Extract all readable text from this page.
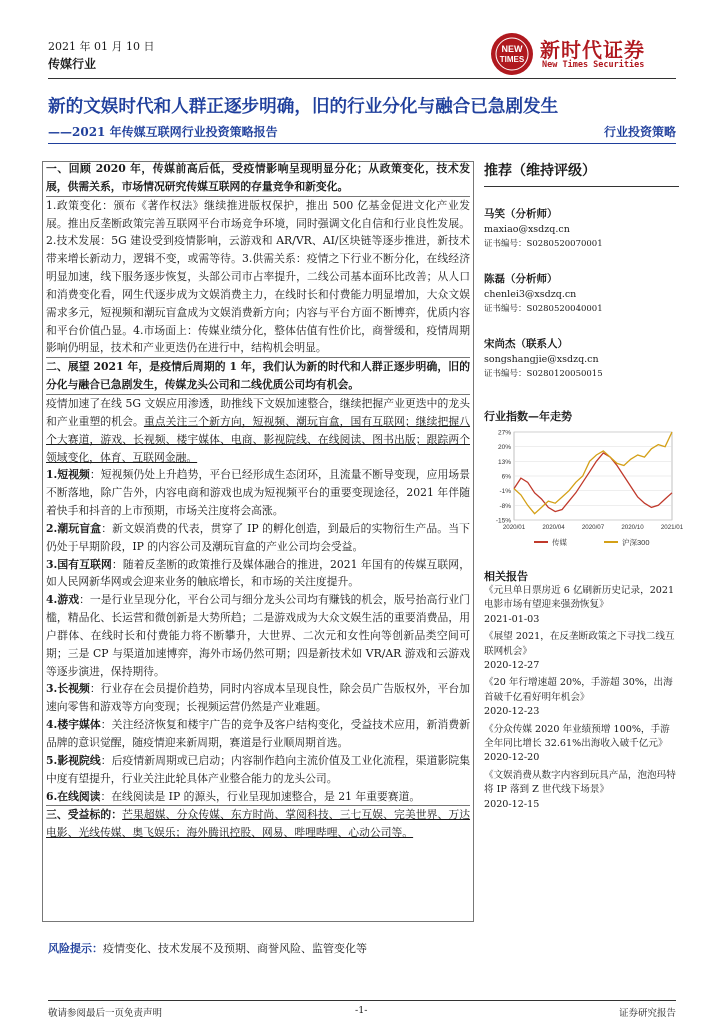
2021 年 01 月 10 日
传媒行业
NEW
TIMES 新时代证券
New Times Securities
新的文娱时代和人群正逐步明确，旧的行业分化与融合已急剧发生
——2021 年传媒互联网行业投资策略报告	行业投资策略

一、回顾 2020 年，传媒前高后低，受疫情影响呈现明显分化；从政策变化，技术发展，供需关系，市场情况研究传媒互联网的存量竞争和新变化。

1.政策变化：颁布《著作权法》继续推进版权保护，推出 500 亿基金促进文化产业发展。推出反垄断政策完善互联网平台市场竞争环境，同时强调文化自信和行业良性发展。2.技术发展：5G 建设受到疫情影响，云游戏和 AR/VR、AI/区块链等逐步推进，新技术带来增长新动力，逻辑不变，或需等待。3.供需关系：疫情之下行业不断分化，在线经济明显加速，线下服务逐步恢复，头部公司市占率提升，二线公司基本面环比改善；从人口和消费变化看，网生代逐步成为文娱消费主力，在线时长和付费能力明显增加，大众文娱需求多元，短视频和潮玩盲盒成为文娱消费新方向；内容与平台方面不断博弈，优质内容和平台价值凸显。4.市场面上：传媒业绩分化，整体估值有性价比，商誉缓和，疫情周期影响仍明显，技术和产业更迭仍在进行中，结构机会明显。

二、展望 2021 年，是疫情后周期的 1 年，我们认为新的时代和人群正逐步明确，旧的分化与融合已急剧发生，传媒龙头公司和二线优质公司均有机会。

疫情加速了在线 5G 文娱应用渗透，助推线下文娱加速整合，继续把握产业更迭中的龙头和产业重塑的机会。重点关注三个新方向，短视频、潮玩盲盒，国有互联网；继续把握八个大赛道，游戏、长视频、楼宇媒体、电商、影视院线、在线阅读、图书出版；跟踪两个领域变化，体育、互联网金融。

1.短视频：短视频仍处上升趋势，平台已经形成生态闭环，且流量不断导变现，应用场景不断落地，除广告外，内容电商和游戏也成为短视频平台的重要变现途径，2021 年伴随着快手和抖音的上市预期，市场关注度将会高涨。

2.潮玩盲盒：新文娱消费的代表，贯穿了 IP 的孵化创造，到最后的实物衍生产品。当下仍处于早期阶段，IP 的内容公司及潮玩盲盒的产业公司均会受益。

3.国有互联网：随着反垄断的政策推行及媒体融合的推进，2021 年国有的传媒互联网，如人民网新华网或会迎来业务的触底增长，和市场的关注度提升。

4.游戏：一是行业呈现分化，平台公司与细分龙头公司均有赚钱的机会，版号抬高行业门槛，精品化、长运营和微创新是大势所趋；二是游戏成为大众文娱生活的重要消费品，用户群体、在线时长和付费能力将不断攀升，大世界、二次元和女性向等创新品类空间可期；三是 CP 与渠道加速博弈，海外市场仍然可期；四是新技术如 VR/AR 游戏和云游戏等逐步演进，保持期待。

3.长视频：行业存在会员提价趋势，同时内容成本呈现良性，除会员广告版权外，平台加速向零售和游戏等方向变现；长视频运营仍然是产业难题。

4.楼宇媒体：关注经济恢复和楼宇广告的竞争及客户结构变化，受益技术应用，新消费新品牌的意识觉醒，随疫情迎来新周期，赛道是行业顺周期首选。

5.影视院线：后疫情新周期或已启动；内容制作趋向主流价值及工业化流程，渠道影院集中度有望提升，行业关注此轮具体产业整合能力的龙头公司。

6.在线阅读：在线阅读是 IP 的源头，行业呈现加速整合，是 21 年重要赛道。

三、受益标的：芒果超媒、分众传媒、东方时尚、掌阅科技、三七互娱、完美世界、万达电影、光线传媒、奥飞娱乐；海外腾讯控股、网易、哔哩哔哩、心动公司等。

推荐（维持评级）
马笑（分析师）
maxiao@xsdzq.cn
证书编号：S0280520070001
陈磊（分析师）
chenlei3@xsdzq.cn
证书编号：S0280520040001
宋尚杰（联系人）
songshangjie@xsdzq.cn
证书编号：S0280120050015
行业指数—年走势
27%
20%
13%
6%
-1%
-8%
-15%
2020/01	2020/04	2020/07	2020/10	2021/01
传媒	沪深300
相关报告
《元旦单日票房近 6 亿刷新历史记录，2021 电影市场有望迎来强劲恢复》
2021-01-03
《展望 2021，在反垄断政策之下寻找二线互联网机会》
2020-12-27
《20 年行增速超 20%，手游超 30%，出海首破千亿看好明年机会》
2020-12-23
《分众传媒 2020 年业绩预增 100%，手游全年同比增长 32.61%出海收入破千亿元》
2020-12-20
《文娱消费从数字内容到玩具产品，泡泡玛特将 IP 落到 Z 世代线下场景》
2020-12-15
风险提示：疫情变化、技术发展不及预期、商誉风险、监管变化等
敬请参阅最后一页免责声明	-1-	证券研究报告
